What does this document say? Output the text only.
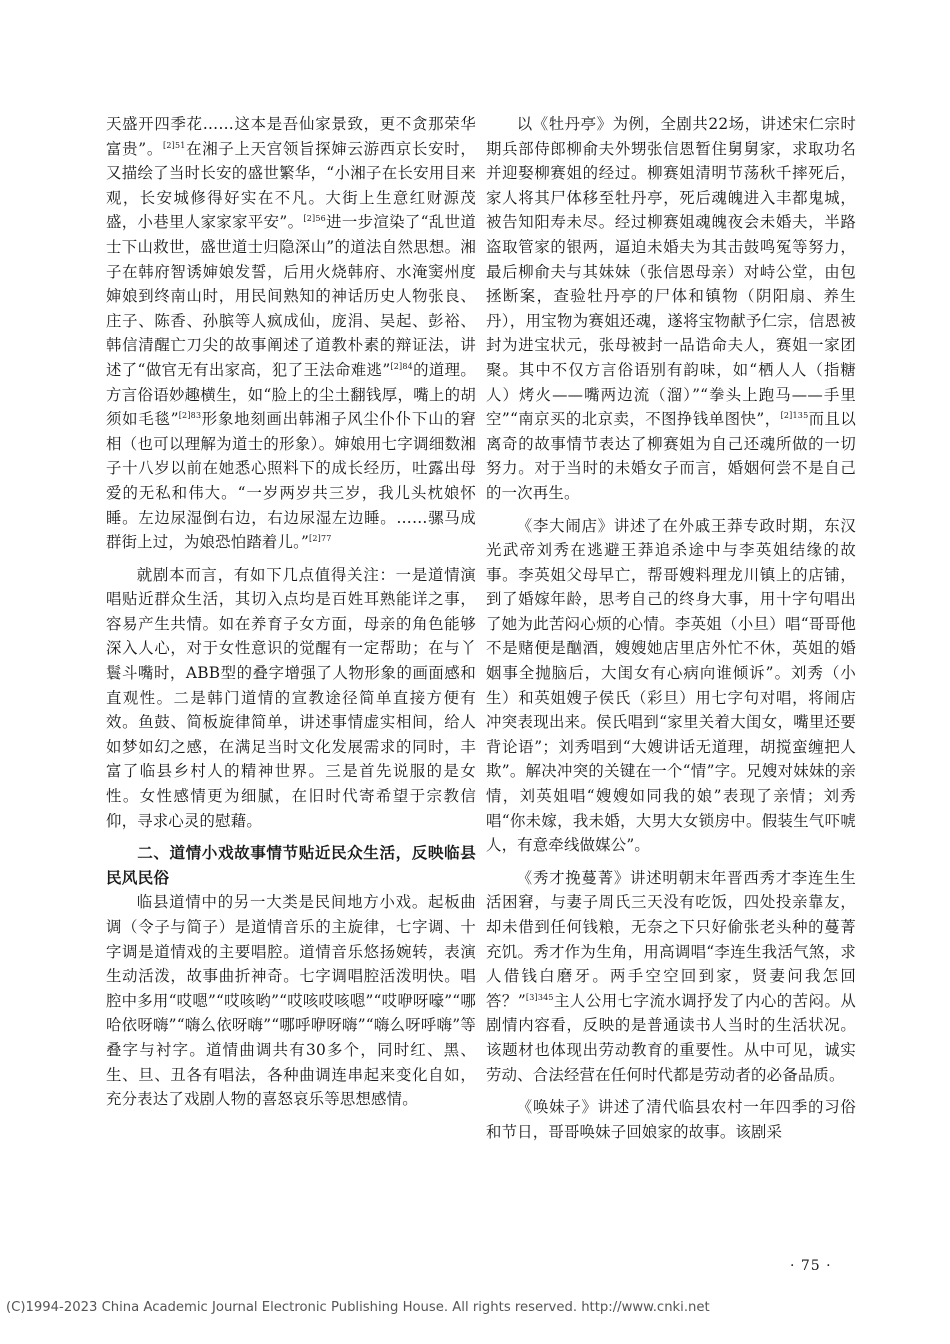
天盛开四季花……这本是吾仙家景致，更不贪那荣华富贵”。$^{[2]51}$在湘子上天宫领旨探婶云游西京长安时，又描绘了当时长安的盛世繁华，“小湘子在长安用目来观，长安城修得好实在不凡。大街上生意红财源茂盛，小巷里人家家家平安”。$^{[2]56}$进一步渲染了“乱世道士下山救世，盛世道士归隐深山”的道法自然思想。湘子在韩府智诱婶娘发誓，后用火烧韩府、水淹窦州度婶娘到终南山时，用民间熟知的神话历史人物张良、庄子、陈香、孙膑等人疯成仙，庞涓、吴起、彭裕、韩信清醒亡刀尖的故事阐述了道教朴素的辩证法，讲述了“做官无有出家高，犯了王法命难逃”$^{[2]84}$的道理。方言俗语妙趣横生，如“脸上的尘土翻钱厚，嘴上的胡须如毛毯”$^{[2]83}$形象地刻画出韩湘子风尘仆仆下山的窘相（也可以理解为道士的形象）。婶娘用七字调细数湘子十八岁以前在她悉心照料下的成长经历，吐露出母爱的无私和伟大。“一岁两岁共三岁，我儿头枕娘怀睡。左边尿湿倒右边，右边尿湿左边睡。……骡马成群街上过，为娘恐怕踏着儿。”$^{[2]77}$

就剧本而言，有如下几点值得关注：一是道情演唱贴近群众生活，其切入点均是百姓耳熟能详之事，容易产生共情。如在养育子女方面，母亲的角色能够深入人心，对于女性意识的觉醒有一定帮助；在与丫鬟斗嘴时，ABB型的叠字增强了人物形象的画面感和直观性。二是韩门道情的宣教途径简单直接方便有效。鱼鼓、简板旋律简单，讲述事情虚实相间，给人如梦如幻之感，在满足当时文化发展需求的同时，丰富了临县乡村人的精神世界。三是首先说服的是女性。女性感情更为细腻，在旧时代寄希望于宗教信仰，寻求心灵的慰藉。

二、道情小戏故事情节贴近民众生活，反映临县民风民俗

临县道情中的另一大类是民间地方小戏。起板曲调（令子与简子）是道情音乐的主旋律，七字调、十字调是道情戏的主要唱腔。道情音乐悠扬婉转，表演生动活泼，故事曲折神奇。七字调唱腔活泼明快。唱腔中多用“哎嗯”“哎咳哟”“哎咳哎咳嗯”“哎咿呀嚎”“哪哈依呀嗨”“嗨么依呀嗨”“哪呼咿呀嗨”“嗨么呀呼嗨”等叠字与衬字。道情曲调共有30多个，同时红、黑、生、旦、丑各有唱法，各种曲调连串起来变化自如，充分表达了戏剧人物的喜怒哀乐等思想感情。

以《牡丹亭》为例，全剧共22场，讲述宋仁宗时期兵部侍郎柳俞夫外甥张信恩暂住舅舅家，求取功名并迎娶柳赛姐的经过。柳赛姐清明节荡秋千摔死后，家人将其尸体移至牡丹亭，死后魂魄进入丰都鬼城，被告知阳寿未尽。经过柳赛姐魂魄夜会未婚夫，半路盗取管家的银两，逼迫未婚夫为其击鼓鸣冤等努力，最后柳俞夫与其妹妹（张信恩母亲）对峙公堂，由包拯断案，查验牡丹亭的尸体和镇物（阴阳扇、养生丹），用宝物为赛姐还魂，遂将宝物献予仁宗，信恩被封为进宝状元，张母被封一品诰命夫人，赛姐一家团聚。其中不仅方言俗语别有韵味，如“栖人人（指糖人）烤火——嘴两边流（溜）”“拳头上跑马——手里空”“南京买的北京卖，不图挣钱单图快”，$^{[2]135}$而且以离奇的故事情节表达了柳赛姐为自己还魂所做的一切努力。对于当时的未婚女子而言，婚姻何尝不是自己的一次再生。

《李大闹店》讲述了在外戚王莽专政时期，东汉光武帝刘秀在逃避王莽追杀途中与李英姐结缘的故事。李英姐父母早亡，帮哥嫂料理龙川镇上的店铺，到了婚嫁年龄，思考自己的终身大事，用十字句唱出了她为此苦闷心烦的心情。李英姐（小旦）唱“哥哥他不是赌便是酗酒，嫂嫂她店里店外忙不休，英姐的婚姻事全抛脑后，大闺女有心病向谁倾诉”。刘秀（小生）和英姐嫂子侯氏（彩旦）用七字句对唱，将闹店冲突表现出来。侯氏唱到“家里关着大闺女，嘴里还要背论语”；刘秀唱到“大嫂讲话无道理，胡搅蛮缠把人欺”。解决冲突的关键在一个“情”字。兄嫂对妹妹的亲情，刘英姐唱“嫂嫂如同我的娘”表现了亲情；刘秀唱“你未嫁，我未婚，大男大女锁房中。假装生气吓唬人，有意牵线做媒公”。

《秀才挽蔓菁》讲述明朝末年晋西秀才李连生生活困窘，与妻子周氏三天没有吃饭，四处投亲靠友，却未借到任何钱粮，无奈之下只好偷张老头种的蔓菁充饥。秀才作为生角，用高调唱“李连生我活气煞，求人借钱白磨牙。两手空空回到家，贤妻问我怎回答？”$^{[3]345}$主人公用七字流水调抒发了内心的苦闷。从剧情内容看，反映的是普通读书人当时的生活状况。该题材也体现出劳动教育的重要性。从中可见，诚实劳动、合法经营在任何时代都是劳动者的必备品质。

《唤妹子》讲述了清代临县农村一年四季的习俗和节日，哥哥唤妹子回娘家的故事。该剧采

· 75 ·
(C)1994-2023 China Academic Journal Electronic Publishing House. All rights reserved. http://www.cnki.net
